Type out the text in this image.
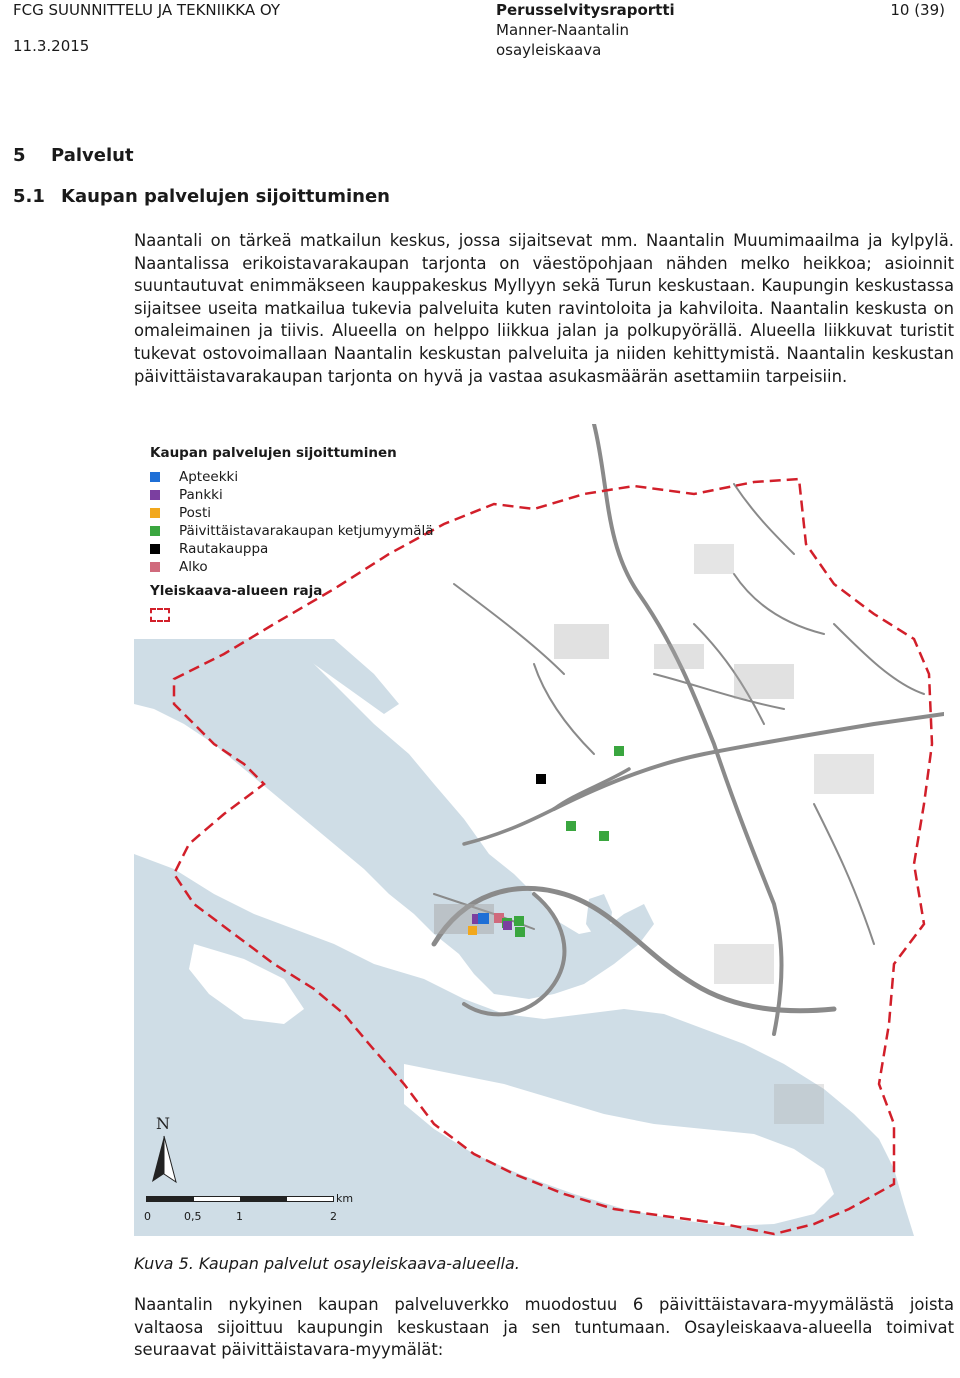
FCG SUUNNITTELU JA TEKNIIKKA OY
11.3.2015
Perusselvitysraportti
Manner-Naantalin
osayleiskaava
10 (39)
5 Palvelut
5.1 Kaupan palvelujen sijoittuminen
Naantali on tärkeä matkailun keskus, jossa sijaitsevat mm. Naantalin Muumimaailma ja kylpylä. Naantalissa erikoistavarakaupan tarjonta on väestöpohjaan nähden melko heikkoa; asioinnit suuntautuvat enimmäkseen kauppakeskus Myllyyn sekä Turun keskustaan. Kaupungin keskustassa sijaitsee useita matkailua tukevia palveluita kuten ravintoloita ja kahviloita. Naantalin keskusta on omaleimainen ja tiivis. Alueella on helppo liikkua jalan ja polkupyörällä. Alueella liikkuvat turistit tukevat ostovoimallaan Naantalin keskustan palveluita ja niiden kehittymistä. Naantalin keskustan päivittäistavarakaupan tarjonta on hyvä ja vastaa asukasmäärän asettamiin tarpeisiin.
Kaupan palvelujen sijoittuminen
Apteekki
Pankki
Posti
Päivittäistavarakaupan ketjumyymälä
Rautakauppa
Alko
Yleiskaava-alueen raja
N
km
0	0,5	1	2
Kuva 5. Kaupan palvelut osayleiskaava-alueella.
Naantalin nykyinen kaupan palveluverkko muodostuu 6 päivittäistavara-myymälästä joista valtaosa sijoittuu kaupungin keskustaan ja sen tuntumaan. Osayleiskaava-alueella toimivat seuraavat päivittäistavara-myymälät:
